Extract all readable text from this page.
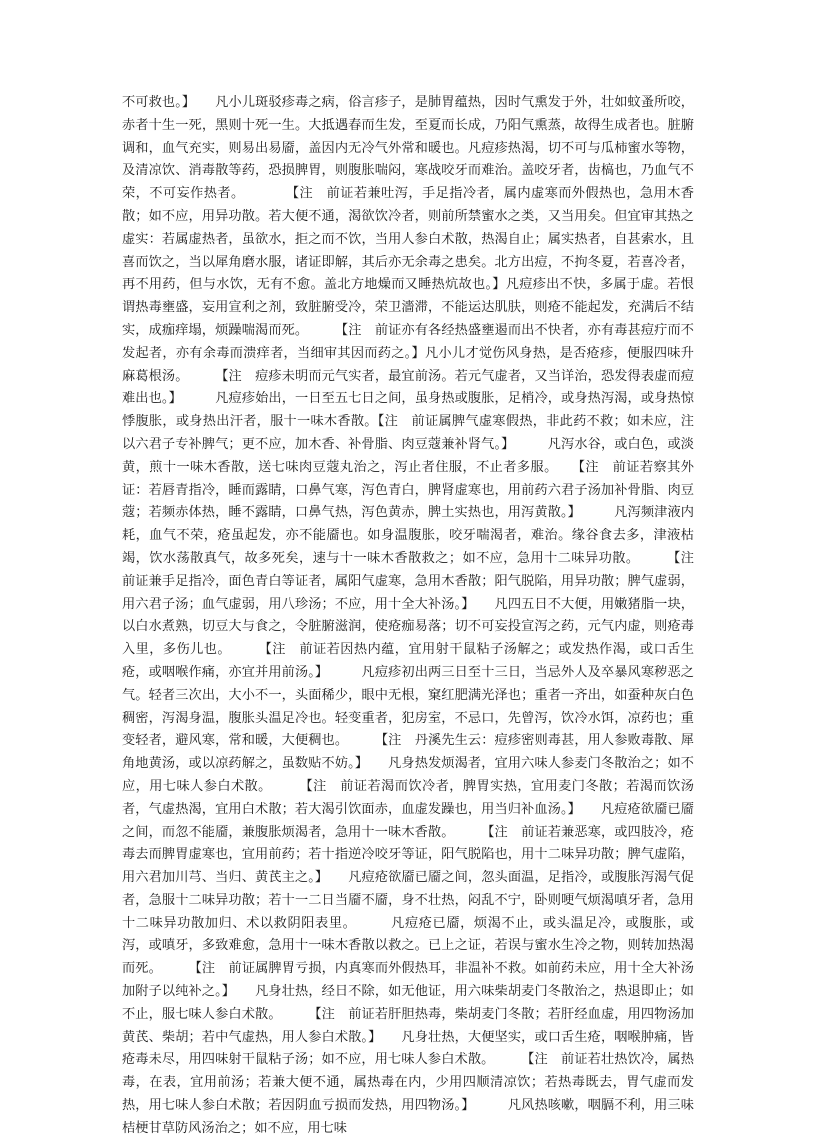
不可救也。】　　凡小儿斑驳疹毒之病，俗言疹子，是肺胃蕴热，因时气熏发于外，壮如蚊蚤所咬，赤者十生一死，黑则十死一生。大抵遇春而生发，至夏而长成，乃阳气熏蒸，故得生成者也。脏腑调和，血气充实，则易出易靥，盖因内无冷气外常和暖也。凡痘疹热渴，切不可与瓜柿蜜水等物，及清凉饮、消毒散等药，恐损脾胃，则腹胀喘闷，寒战咬牙而难治。盖咬牙者，齿槁也，乃血气不荣，不可妄作热者。　　　　【注　前证若兼吐泻，手足指冷者，属内虚寒而外假热也，急用木香散；如不应，用异功散。若大便不通，渴欲饮冷者，则前所禁蜜水之类，又当用矣。但宜审其热之虚实：若属虚热者，虽欲水，拒之而不饮，当用人参白术散，热渴自止；属实热者，自甚索水，且喜而饮之，当以犀角磨水服，诸证即解，其后亦无余毒之患矣。北方出痘，不拘冬夏，若喜冷者，再不用药，但与水饮，无有不愈。盖北方地燥而又睡热炕故也。】凡痘疹出不快，多属于虚。若恨谓热毒壅盛，妄用宣利之剂，致脏腑受冷，荣卫濇滞，不能运达肌肤，则疮不能起发，充满后不结实，成痂痒塌，烦躁喘渴而死。　　　【注　前证亦有各经热盛壅遏而出不快者，亦有毒甚痘疔而不发起者，亦有余毒而溃痒者，当细审其因而药之。】凡小儿才觉伤风身热，是否疮疹，便服四味升麻葛根汤。　　　【注　痘疹未明而元气实者，最宜前汤。若元气虚者，又当详治，恐发得表虚而痘难出也。】　　　凡痘疹始出，一日至五七日之间，虽身热或腹胀，足梢冷，或身热泻渴，或身热惊悸腹胀，或身热出汗者，服十一味木香散。【注　前证属脾气虚寒假热，非此药不救；如未应，注以六君子专补脾气；更不应，加木香、补骨脂、肉豆蔻兼补肾气。】　　　凡泻水谷，或白色，或淡黄，煎十一味木香散，送七味肉豆蔻丸治之，泻止者住服，不止者多服。　　【注　前证若察其外证：若唇青指冷，睡而露睛，口鼻气寒，泻色青白，脾肾虚寒也，用前药六君子汤加补骨脂、肉豆蔻；若频赤体热，睡不露睛，口鼻气热，泻色黄赤，脾土实热也，用泻黄散。】　　　凡泻频津液内耗，血气不荣，疮虽起发，亦不能靥也。如身温腹胀，咬牙喘渴者，难治。缘谷食去多，津液枯竭，饮水荡散真气，故多死矣，速与十一味木香散救之；如不应，急用十二味异功散。　　　【注　前证兼手足指冷，面色青白等证者，属阳气虚寒，急用木香散；阳气脱陷，用异功散；脾气虚弱，用六君子汤；血气虚弱，用八珍汤；不应，用十全大补汤。】　　凡四五日不大便，用嫩猪脂一块，以白水煮熟，切豆大与食之，令脏腑滋润，使疮痂易落；切不可妄投宣泻之药，元气内虚，则疮毒入里，多伤儿也。　　　【注　前证若因热内蕴，宜用射干鼠粘子汤解之；或发热作渴，或口舌生疮，或咽喉作痛，亦宜并用前汤。】　　　凡痘疹初出两三日至十三日，当忌外人及卒暴风寒秽恶之气。轻者三次出，大小不一，头面稀少，眼中无根，窠红肥满光泽也；重者一齐出，如蚕种灰白色稠密，泻渴身温，腹胀头温足冷也。轻变重者，犯房室，不忌口，先曾泻，饮冷水饵，凉药也；重变轻者，避风寒，常和暖，大便稠也。　　　【注　丹溪先生云：痘疹密则毒甚，用人参败毒散、犀角地黄汤，或以凉药解之，虽数贴不妨。】　　凡身热发烦渴者，宜用六味人参麦门冬散治之；如不应，用七味人参白术散。　　　【注　前证若渴而饮冷者，脾胃实热，宜用麦门冬散；若渴而饮汤者，气虚热渴，宜用白术散；若大渴引饮面赤，血虚发躁也，用当归补血汤。】　　凡痘疮欲靥已靥之间，而忽不能靥，兼腹胀烦渴者，急用十一味木香散。　　　【注　前证若兼恶寒，或四肢冷，疮毒去而脾胃虚寒也，宜用前药；若十指逆冷咬牙等证，阳气脱陷也，用十二味异功散；脾气虚陷，用六君加川芎、当归、黄芪主之。】　　凡痘疮欲靥已靥之间，忽头面温，足指冷，或腹胀泻渴气促者，急服十二味异功散；若十一二日当靥不靥，身不壮热，闷乱不宁，卧则哽气烦渴嗔牙者，急用十二味异功散加归、术以救阴阳表里。　　　凡痘疮已靥，烦渴不止，或头温足冷，或腹胀，或泻，或嗔牙，多致难愈，急用十一味木香散以救之。已上之证，若误与蜜水生冷之物，则转加热渴而死。　　　【注　前证属脾胃亏损，内真寒而外假热耳，非温补不救。如前药未应，用十全大补汤加附子以纯补之。】　　凡身壮热，经日不除，如无他证，用六味柴胡麦门冬散治之，热退即止；如不止，服七味人参白术散。　　　【注　前证若肝胆热毒，柴胡麦门冬散；若肝经血虚，用四物汤加黄芪、柴胡；若中气虚热，用人参白术散。】　　凡身壮热，大便坚实，或口舌生疮，咽喉肿痛，皆疮毒未尽，用四味射干鼠粘子汤；如不应，用七味人参白术散。　　　【注　前证若壮热饮冷，属热毒，在表，宜用前汤；若兼大便不通，属热毒在内，少用四顺清凉饮；若热毒既去，胃气虚而发热，用七味人参白术散；若因阴血亏损而发热，用四物汤。】　　　凡风热咳嗽，咽膈不利，用三味桔梗甘草防风汤治之；如不应，用七味
